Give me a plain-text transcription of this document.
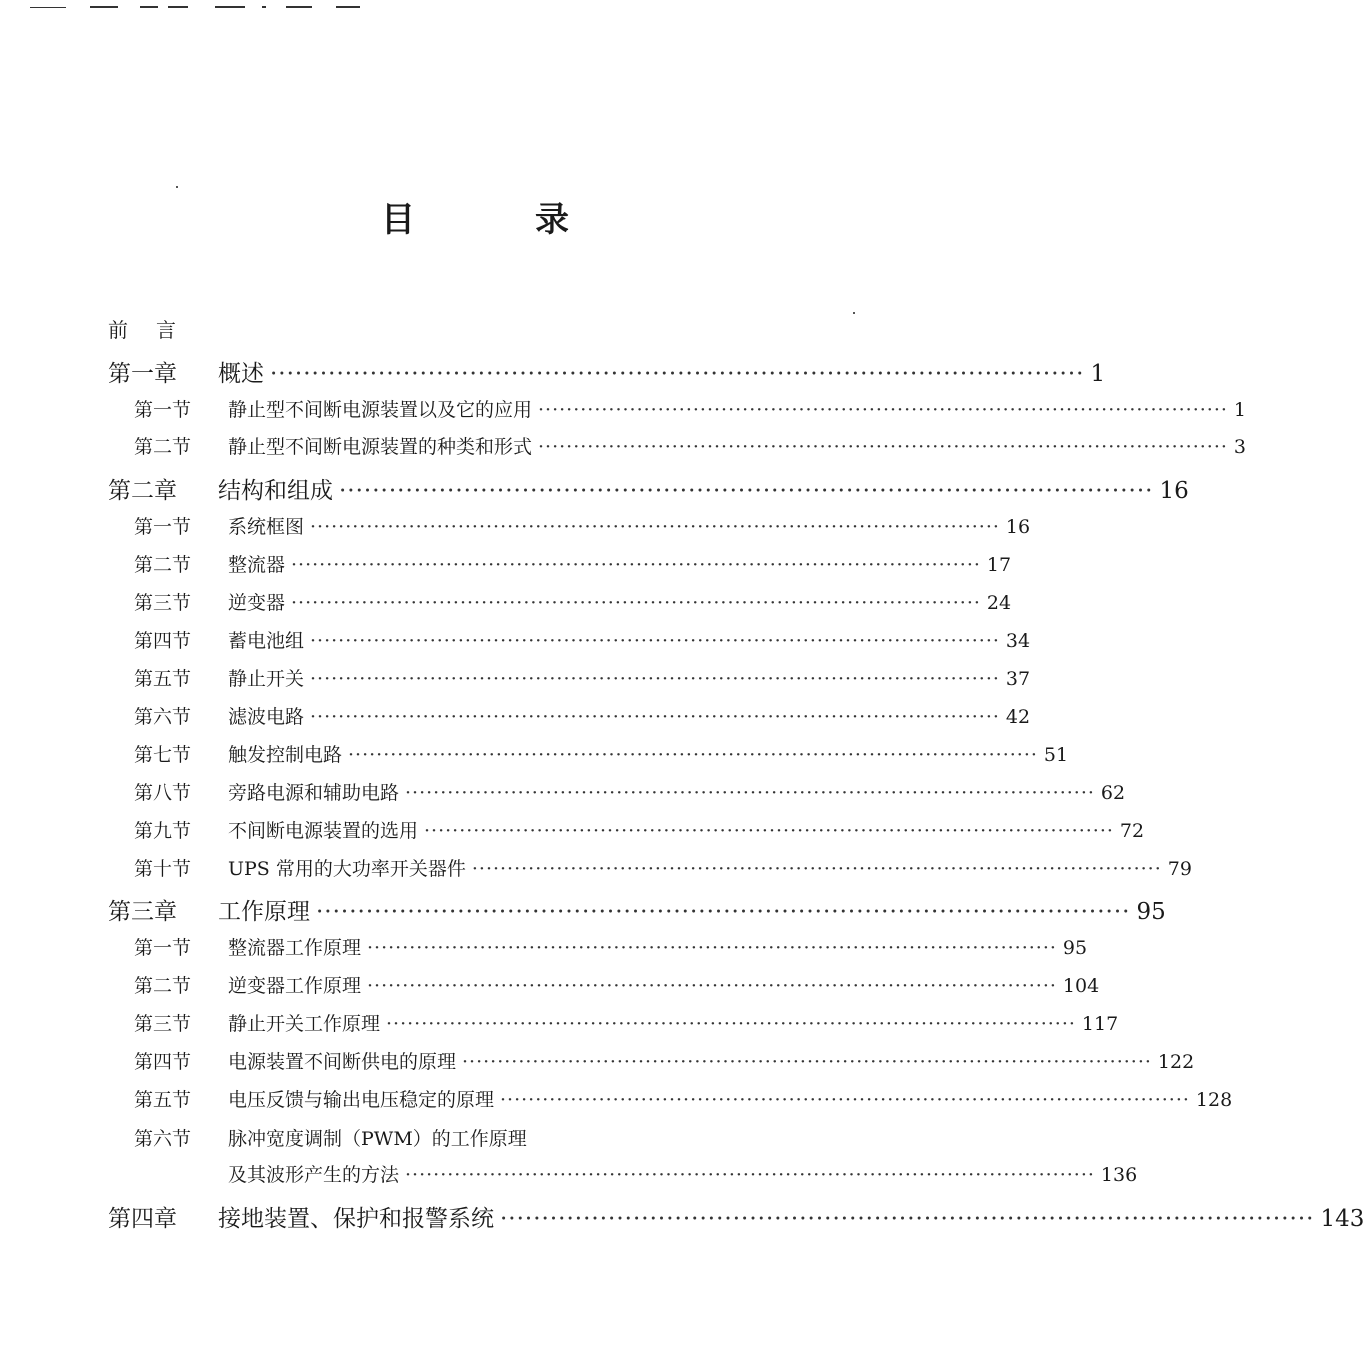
目	录
前言
第一章	概述 ·································································································· 1
第一节	静止型不间断电源装置以及它的应用 ·································································································· 1
第二节	静止型不间断电源装置的种类和形式 ·································································································· 3
第二章	结构和组成 ·································································································· 16
第一节	系统框图 ·································································································· 16
第二节	整流器 ·································································································· 17
第三节	逆变器 ·································································································· 24
第四节	蓄电池组 ·································································································· 34
第五节	静止开关 ·································································································· 37
第六节	滤波电路 ·································································································· 42
第七节	触发控制电路 ·································································································· 51
第八节	旁路电源和辅助电路 ·································································································· 62
第九节	不间断电源装置的选用 ·································································································· 72
第十节	UPS 常用的大功率开关器件 ·································································································· 79
第三章	工作原理 ·································································································· 95
第一节	整流器工作原理 ·································································································· 95
第二节	逆变器工作原理 ·································································································· 104
第三节	静止开关工作原理 ·································································································· 117
第四节	电源装置不间断供电的原理 ·································································································· 122
第五节	电压反馈与输出电压稳定的原理 ·································································································· 128
第六节	脉冲宽度调制（PWM）的工作原理
及其波形产生的方法 ·································································································· 136
第四章	接地装置、保护和报警系统 ·································································································· 143
